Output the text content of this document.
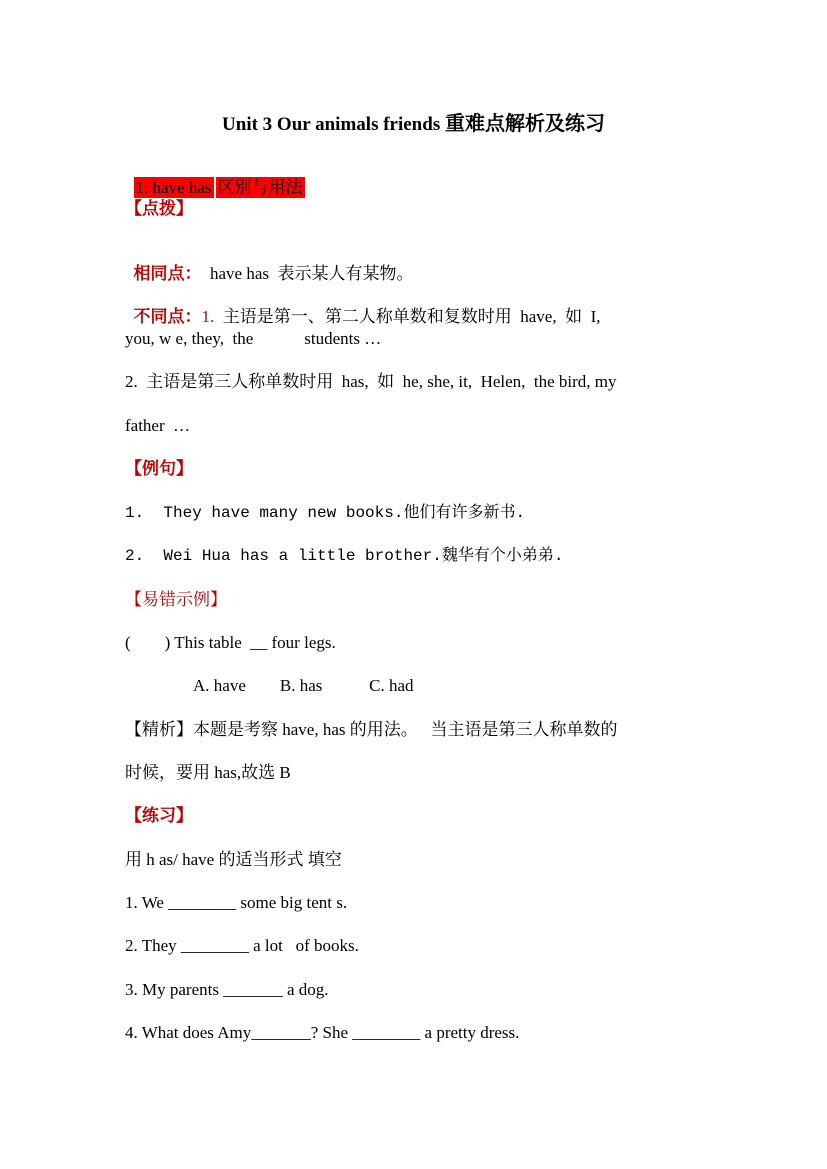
Unit 3 Our animals friends 重难点解析及练习

1. have has 区别与用法

【点拨】

相同点：  have has  表示某人有某物。

不同点：1.  主语是第一、第二人称单数和复数时用  have,  如  I,

you, w e, they,  the            students …
2.  主语是第三人称单数时用  has,  如  he, she, it,  Helen,  the bird, my
father  …
【例句】
1.  They have many new books.他们有许多新书.
2.  Wei Hua has a little brother.魏华有个小弟弟.
【易错示例】
(        ) This table  __ four legs.
A. have        B. has           C. had
【精析】本题是考察 have, has 的用法。   当主语是第三人称单数的
时候，要用 has,故选 B
【练习】
用 h as/ have 的适当形式 填空
1. We ________ some big tent s.
2. They ________ a lot   of books.
3. My parents _______ a dog.
4. What does Amy_______? She ________ a pretty dress.
